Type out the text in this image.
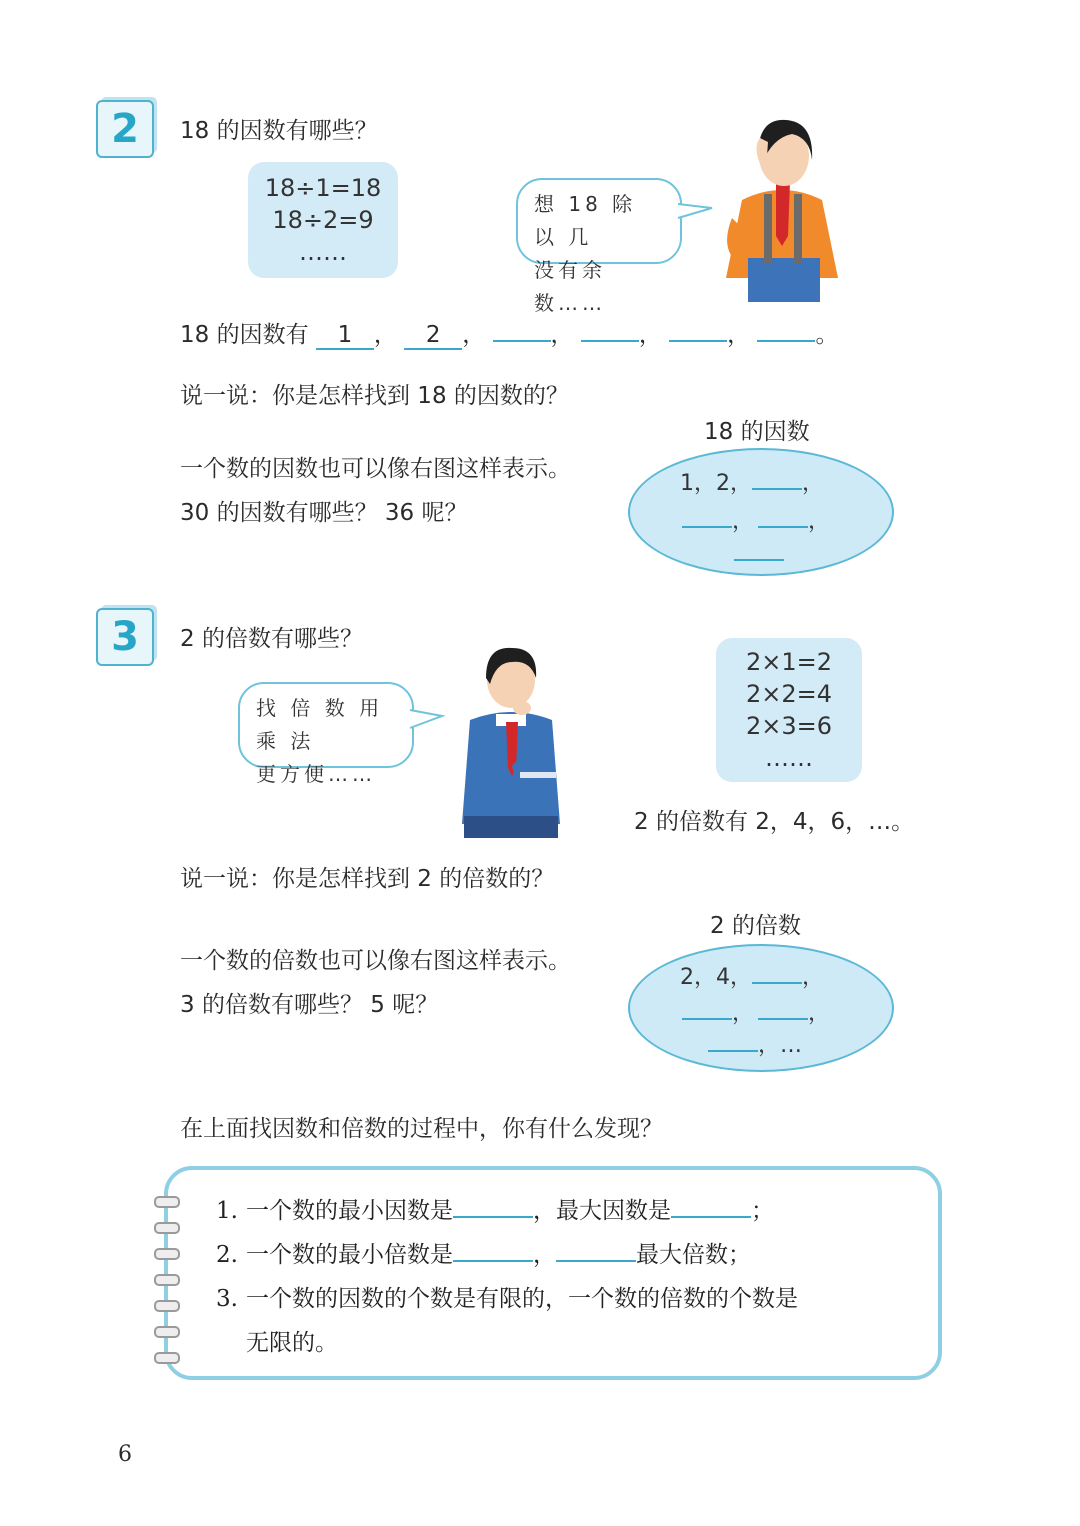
2	18 的因数有哪些？
18÷1=18
18÷2=9
……
想 18 除 以 几
没有余数……
18 的因数有 1 ， 2 ，	，	，	，	。
说一说：你是怎样找到 18 的因数的？
18 的因数
1，2， ，
， ，
一个数的因数也可以像右图这样表示。
30 的因数有哪些？ 36 呢？
3	2 的倍数有哪些？
找 倍 数 用 乘 法
更方便……
2×1=2
2×2=4
2×3=6
……
2 的倍数有 2，4，6，…。
说一说：你是怎样找到 2 的倍数的？
2 的倍数
2，4， ，
， ，
，…
一个数的倍数也可以像右图这样表示。
3 的倍数有哪些？ 5 呢？
在上面找因数和倍数的过程中，你有什么发现？
1. 一个数的最小因数是	，最大因数是	；
2. 一个数的最小倍数是	，	最大倍数；
3. 一个数的因数的个数是有限的，一个数的倍数的个数是
无限的。
6
